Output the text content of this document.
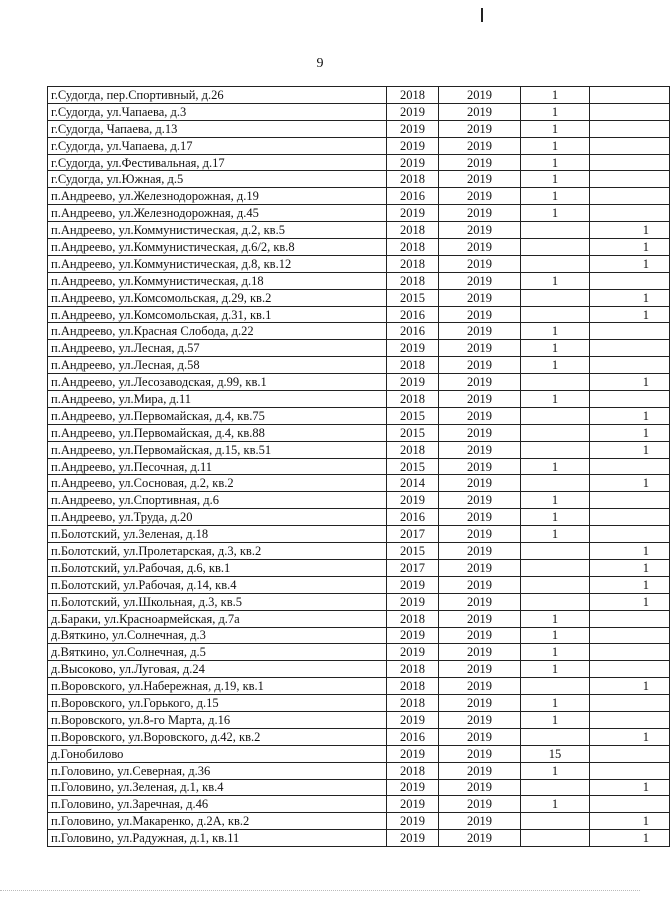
9
г.Судогда, пер.Спортивный, д.26	2018	2019	1	
г.Судогда, ул.Чапаева, д.3	2019	2019	1	
г.Судогда, Чапаева, д.13	2019	2019	1	
г.Судогда, ул.Чапаева, д.17	2019	2019	1	
г.Судогда, ул.Фестивальная, д.17	2019	2019	1	
г.Судогда, ул.Южная, д.5	2018	2019	1	
п.Андреево, ул.Железнодорожная, д.19	2016	2019	1	
п.Андреево, ул.Железнодорожная, д.45	2019	2019	1	
п.Андреево, ул.Коммунистическая, д.2, кв.5	2018	2019		1
п.Андреево, ул.Коммунистическая, д.6/2, кв.8	2018	2019		1
п.Андреево, ул.Коммунистическая, д.8, кв.12	2018	2019		1
п.Андреево, ул.Коммунистическая, д.18	2018	2019	1	
п.Андреево, ул.Комсомольская, д.29, кв.2	2015	2019		1
п.Андреево, ул.Комсомольская, д.31, кв.1	2016	2019		1
п.Андреево, ул.Красная Слобода, д.22	2016	2019	1	
п.Андреево, ул.Лесная, д.57	2019	2019	1	
п.Андреево, ул.Лесная, д.58	2018	2019	1	
п.Андреево, ул.Лесозаводская, д.99, кв.1	2019	2019		1
п.Андреево, ул.Мира, д.11	2018	2019	1	
п.Андреево, ул.Первомайская, д.4, кв.75	2015	2019		1
п.Андреево, ул.Первомайская, д.4, кв.88	2015	2019		1
п.Андреево, ул.Первомайская, д.15, кв.51	2018	2019		1
п.Андреево, ул.Песочная, д.11	2015	2019	1	
п.Андреево, ул.Сосновая, д.2, кв.2	2014	2019		1
п.Андреево, ул.Спортивная, д.6	2019	2019	1	
п.Андреево, ул.Труда, д.20	2016	2019	1	
п.Болотский, ул.Зеленая, д.18	2017	2019	1	
п.Болотский, ул.Пролетарская, д.3, кв.2	2015	2019		1
п.Болотский, ул.Рабочая, д.6, кв.1	2017	2019		1
п.Болотский, ул.Рабочая, д.14, кв.4	2019	2019		1
п.Болотский, ул.Школьная, д.3, кв.5	2019	2019		1
д.Бараки, ул.Красноармейская, д.7а	2018	2019	1	
д.Вяткино, ул.Солнечная, д.3	2019	2019	1	
д.Вяткино, ул.Солнечная, д.5	2019	2019	1	
д.Высоково, ул.Луговая, д.24	2018	2019	1	
п.Воровского, ул.Набережная, д.19, кв.1	2018	2019		1
п.Воровского, ул.Горького, д.15	2018	2019	1	
п.Воровского, ул.8-го Марта, д.16	2019	2019	1	
п.Воровского, ул.Воровского, д.42, кв.2	2016	2019		1
д.Гонобилово	2019	2019	15	
п.Головино, ул.Северная, д.36	2018	2019	1	
п.Головино, ул.Зеленая, д.1, кв.4	2019	2019		1
п.Головино, ул.Заречная, д.46	2019	2019	1	
п.Головино, ул.Макаренко, д.2А, кв.2	2019	2019		1
п.Головино, ул.Радужная, д.1, кв.11	2019	2019		1
